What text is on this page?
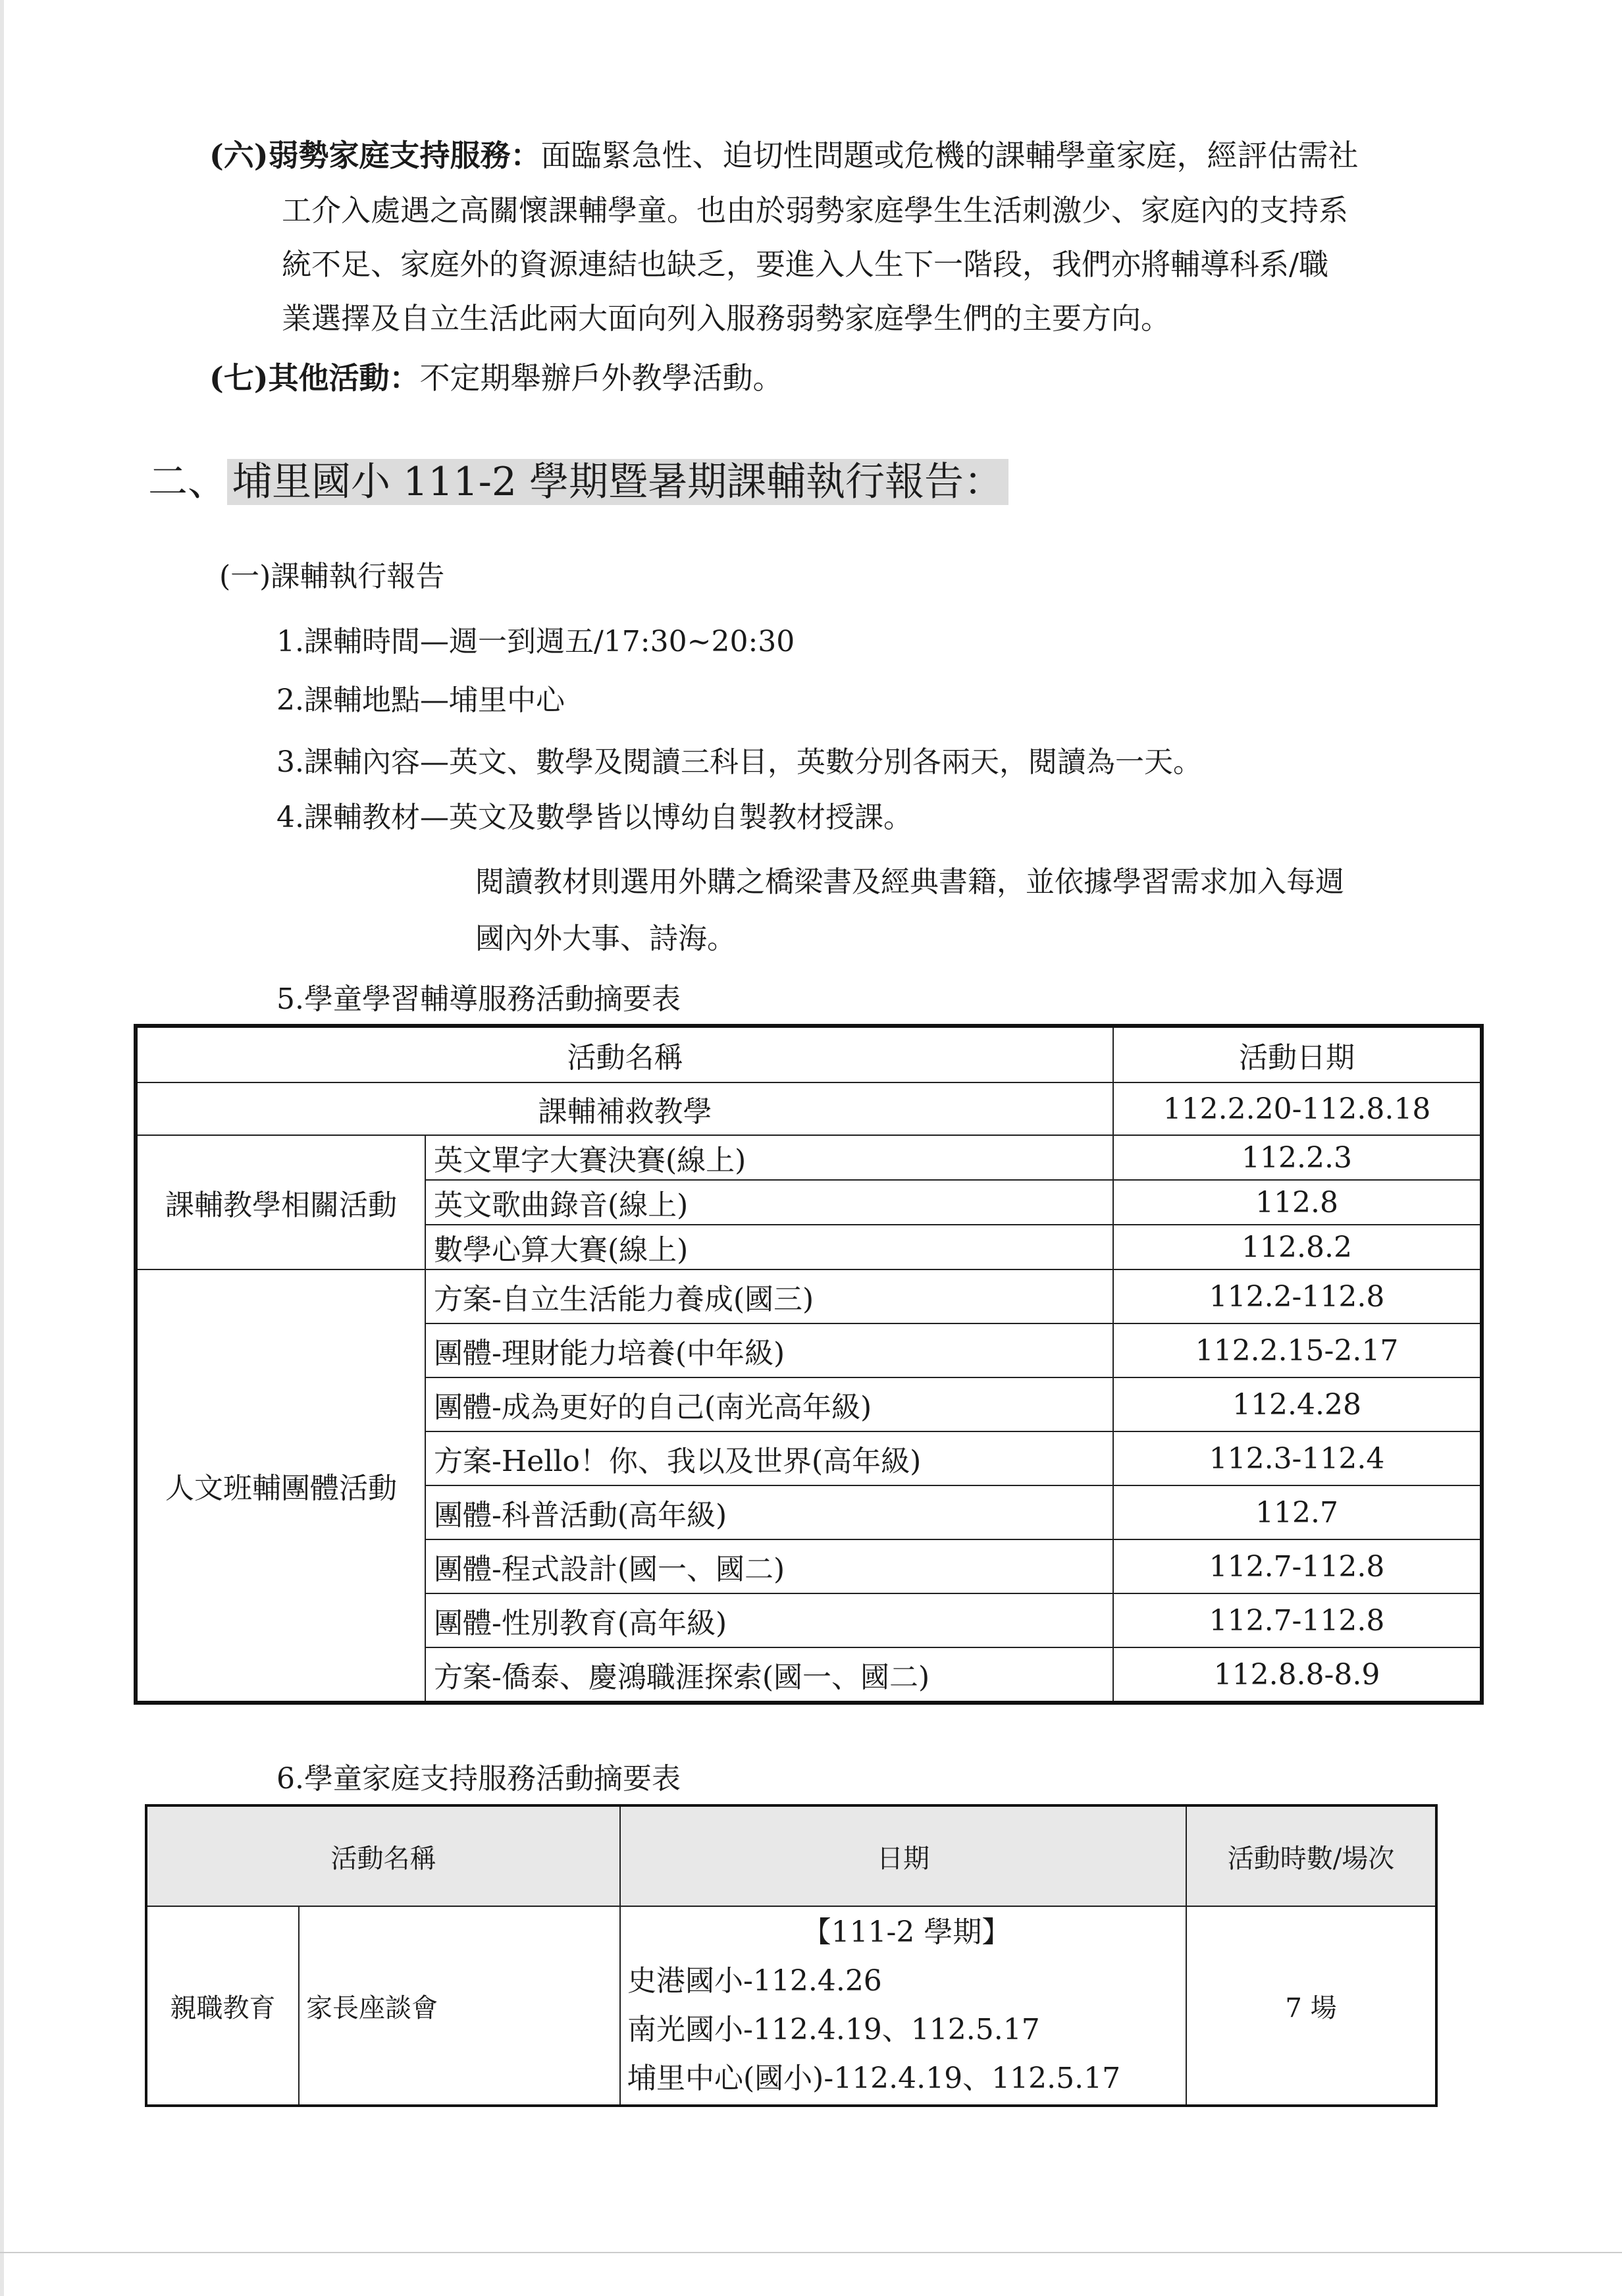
(六)弱勢家庭支持服務：面臨緊急性、迫切性問題或危機的課輔學童家庭，經評估需社
工介入處遇之高關懷課輔學童。也由於弱勢家庭學生生活刺激少、家庭內的支持系
統不足、家庭外的資源連結也缺乏，要進入人生下一階段，我們亦將輔導科系/職
業選擇及自立生活此兩大面向列入服務弱勢家庭學生們的主要方向。
(七)其他活動：不定期舉辦戶外教學活動。
二、 埔里國小 111-2 學期暨暑期課輔執行報告：
(一)課輔執行報告
1.課輔時間—週一到週五/17:30~20:30
2.課輔地點—埔里中心
3.課輔內容—英文、數學及閱讀三科目，英數分別各兩天，閱讀為一天。
4.課輔教材—英文及數學皆以博幼自製教材授課。
閱讀教材則選用外購之橋梁書及經典書籍，並依據學習需求加入每週
國內外大事、詩海。
5.學童學習輔導服務活動摘要表
活動名稱		活動日期
課輔補救教學		112.2.20-112.8.18
課輔教學相關活動	英文單字大賽決賽(線上)	112.2.3
	英文歌曲錄音(線上)	112.8
	數學心算大賽(線上)	112.8.2
人文班輔團體活動	方案-自立生活能力養成(國三)	112.2-112.8
	團體-理財能力培養(中年級)	112.2.15-2.17
	團體-成為更好的自己(南光高年級)	112.4.28
	方案-Hello！你、我以及世界(高年級)	112.3-112.4
	團體-科普活動(高年級)	112.7
	團體-程式設計(國一、國二)	112.7-112.8
	團體-性別教育(高年級)	112.7-112.8
	方案-僑泰、慶鴻職涯探索(國一、國二)	112.8.8-8.9
6.學童家庭支持服務活動摘要表
活動名稱		日期	活動時數/場次
親職教育	家長座談會	【111-2 學期】
史港國小-112.4.26
南光國小-112.4.19、112.5.17
埔里中心(國小)-112.4.19、112.5.17	7 場
